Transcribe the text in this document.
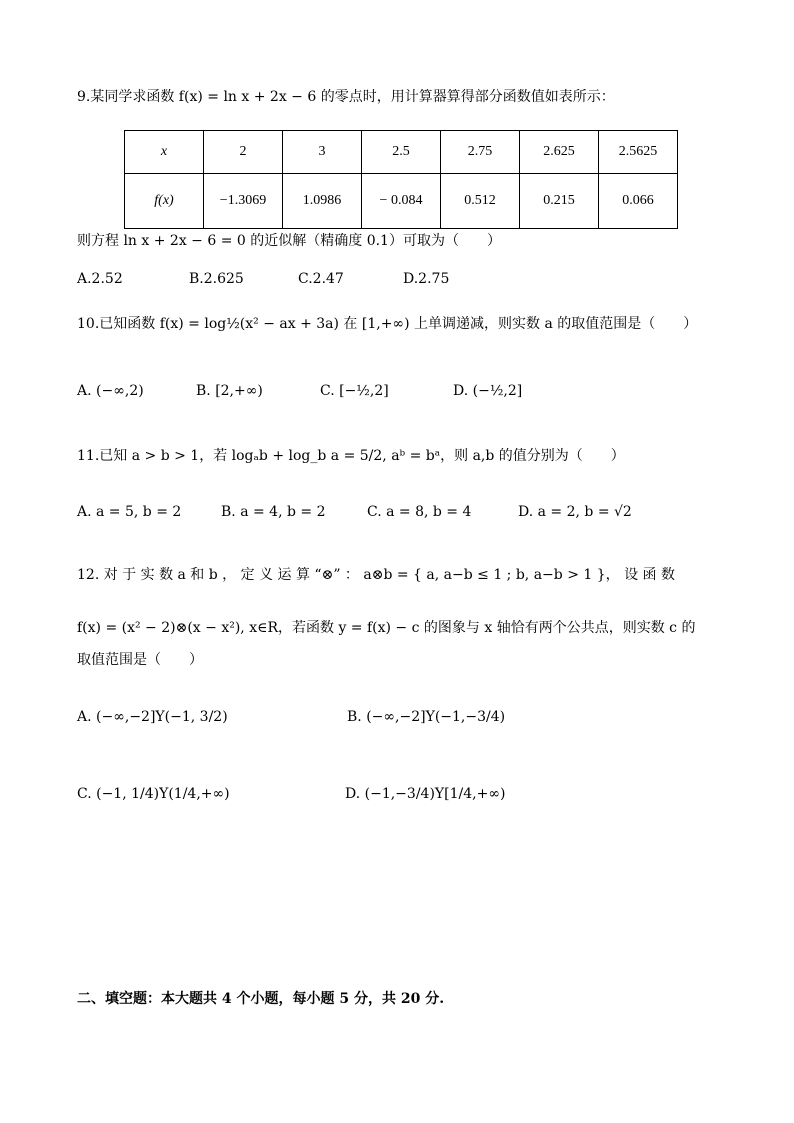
9.某同学求函数 f(x) = ln x + 2x − 6 的零点时，用计算器算得部分函数值如表所示：
x	2	3	2.5	2.75	2.625	2.5625
f(x)	−1.3069	1.0986	− 0.084	0.512	0.215	0.066
则方程 ln x + 2x − 6 = 0 的近似解（精确度 0.1）可取为（　　）
A.2.52	B.2.625	C.2.47	D.2.75
10.已知函数 f(x) = log½(x² − ax + 3a) 在 [1,+∞) 上单调递减，则实数 a 的取值范围是（　　）
A. (−∞,2)	B. [2,+∞)	C. [−½,2]	D. (−½,2]
11.已知 a > b > 1，若 logₐb + log_b a = 5/2, aᵇ = bᵃ，则 a,b 的值分别为（　　）
A. a = 5, b = 2	B. a = 4, b = 2	C. a = 8, b = 4	D. a = 2, b = √2
12. 对 于 实 数 a 和 b ， 定 义 运 算 “⊗” ： a⊗b = { a, a−b ≤ 1 ; b, a−b > 1 }， 设 函 数
f(x) = (x² − 2)⊗(x − x²), x∈R，若函数 y = f(x) − c 的图象与 x 轴恰有两个公共点，则实数 c 的
取值范围是（　　）
A. (−∞,−2]Y(−1, 3/2)	B. (−∞,−2]Y(−1,−3/4)
C. (−1, 1/4)Y(1/4,+∞)	D. (−1,−3/4)Y[1/4,+∞)
二、填空题：本大题共 4 个小题，每小题 5 分，共 20 分.
